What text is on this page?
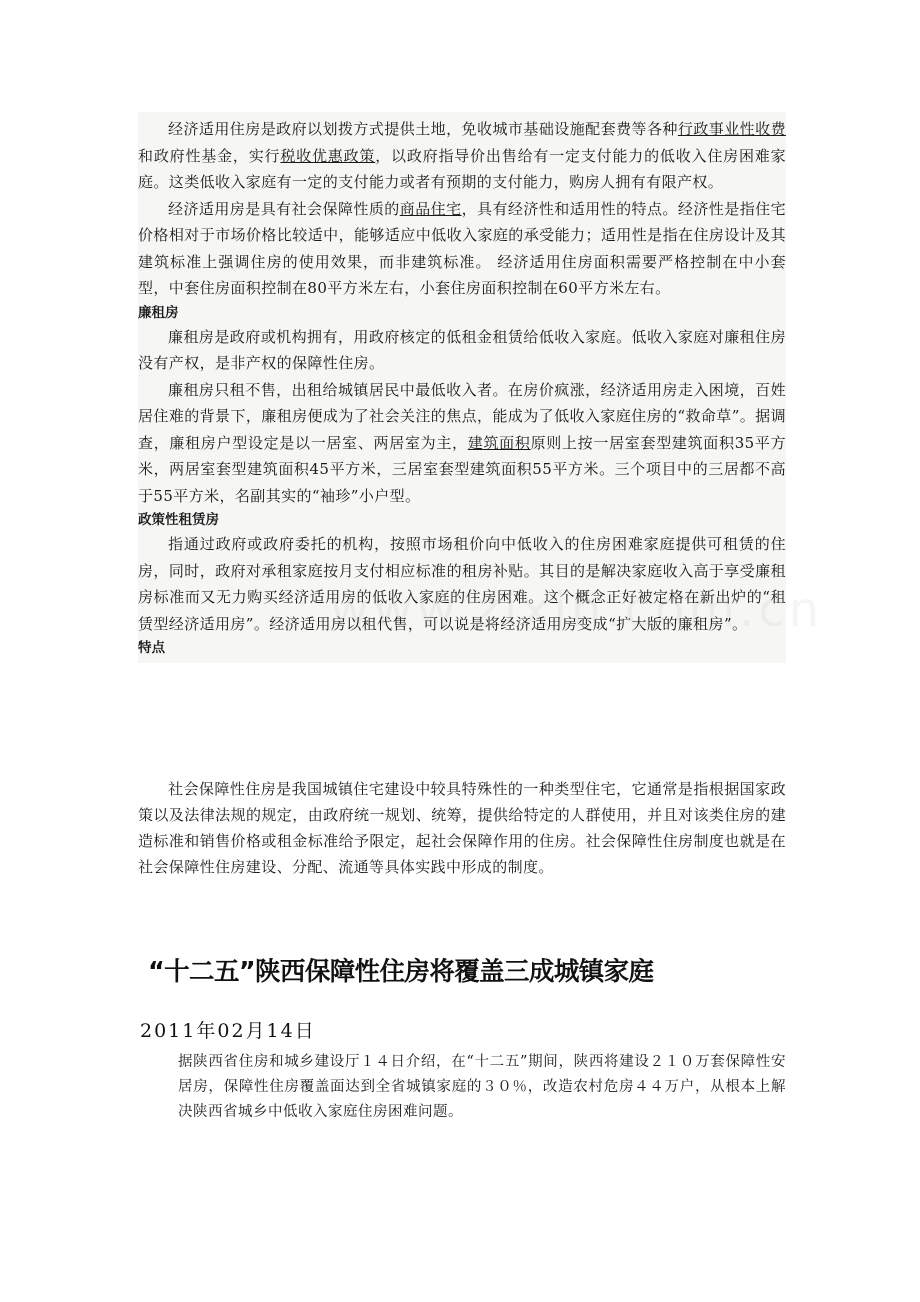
经济适用住房是政府以划拨方式提供土地，免收城市基础设施配套费等各种行政事业性收费和政府性基金，实行税收优惠政策，以政府指导价出售给有一定支付能力的低收入住房困难家庭。这类低收入家庭有一定的支付能力或者有预期的支付能力，购房人拥有有限产权。

经济适用房是具有社会保障性质的商品住宅，具有经济性和适用性的特点。经济性是指住宅价格相对于市场价格比较适中，能够适应中低收入家庭的承受能力；适用性是指在住房设计及其建筑标准上强调住房的使用效果，而非建筑标准。 经济适用住房面积需要严格控制在中小套型，中套住房面积控制在80平方米左右，小套住房面积控制在60平方米左右。

廉租房

廉租房是政府或机构拥有，用政府核定的低租金租赁给低收入家庭。低收入家庭对廉租住房没有产权，是非产权的保障性住房。

廉租房只租不售，出租给城镇居民中最低收入者。在房价疯涨，经济适用房走入困境，百姓居住难的背景下，廉租房便成为了社会关注的焦点，能成为了低收入家庭住房的“救命草”。据调查，廉租房户型设定是以一居室、两居室为主，建筑面积原则上按一居室套型建筑面积35平方米，两居室套型建筑面积45平方米，三居室套型建筑面积55平方米。三个项目中的三居都不高于55平方米，名副其实的“袖珍”小户型。

政策性租赁房

指通过政府或政府委托的机构，按照市场租价向中低收入的住房困难家庭提供可租赁的住房，同时，政府对承租家庭按月支付相应标准的租房补贴。其目的是解决家庭收入高于享受廉租房标准而又无力购买经济适用房的低收入家庭的住房困难。这个概念正好被定格在新出炉的“租赁型经济适用房”。经济适用房以租代售，可以说是将经济适用房变成“扩大版的廉租房”。

特点

社会保障性住房是我国城镇住宅建设中较具特殊性的一种类型住宅，它通常是指根据国家政策以及法律法规的规定，由政府统一规划、统筹，提供给特定的人群使用，并且对该类住房的建造标准和销售价格或租金标准给予限定，起社会保障作用的住房。社会保障性住房制度也就是在社会保障性住房建设、分配、流通等具体实践中形成的制度。

“十二五”陕西保障性住房将覆盖三成城镇家庭

2011年02月14日

据陕西省住房和城乡建设厅１４日介绍，在“十二五”期间，陕西将建设２１０万套保障性安居房，保障性住房覆盖面达到全省城镇家庭的３０％，改造农村危房４４万户，从根本上解决陕西省城乡中低收入家庭住房困难问题。
